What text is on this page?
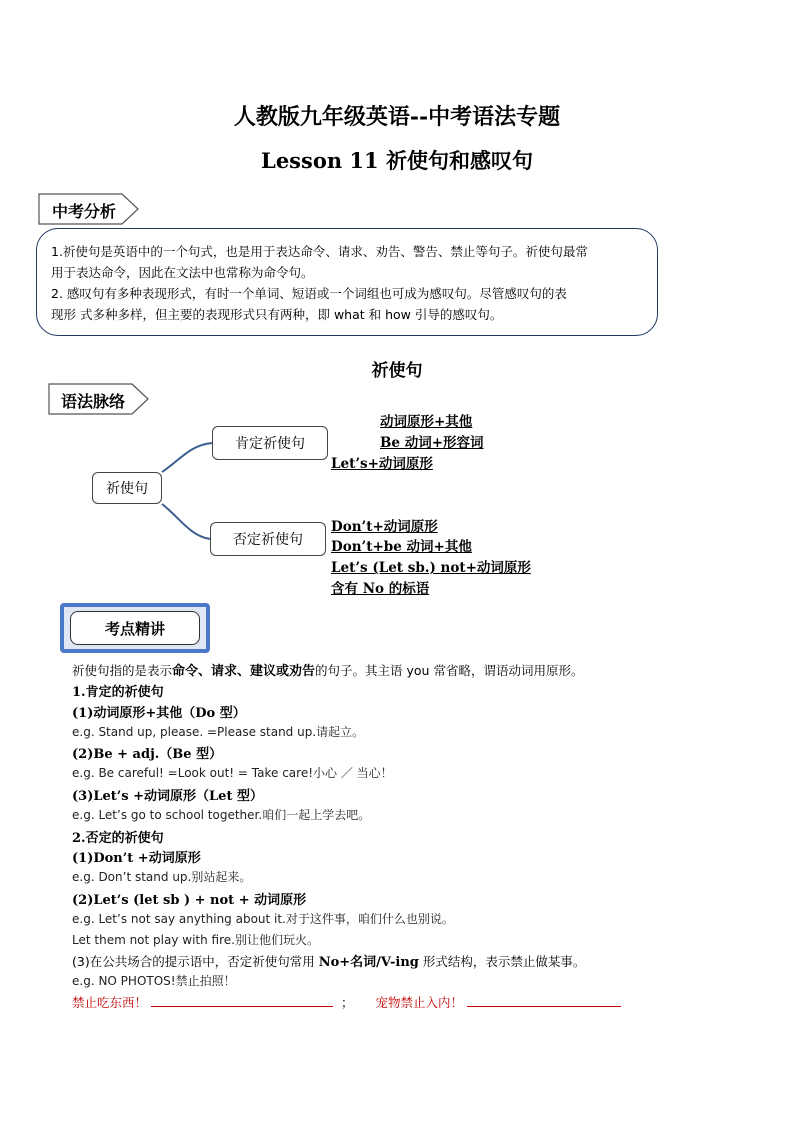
人教版九年级英语--中考语法专题
Lesson 11 祈使句和感叹句
中考分析

1.祈使句是英语中的一个句式，也是用于表达命令、请求、劝告、警告、禁止等句子。祈使句最常

用于表达命令，因此在文法中也常称为命令句。

2. 感叹句有多种表现形式，有时一个单词、短语或一个词组也可成为感叹句。尽管感叹句的表

现形 式多种多样，但主要的表现形式只有两种，即 what 和 how 引导的感叹句。

祈使句
语法脉络
祈使句
肯定祈使句
否定祈使句
动词原形+其他
Be 动词+形容词
Let’s+动词原形
Don’t+动词原形
Don’t+be 动词+其他
Let’s (Let sb.) not+动词原形
含有 No 的标语
考点精讲
祈使句指的是表示命令、请求、建议或劝告的句子。其主语 you 常省略，谓语动词用原形。
1.肯定的祈使句
(1)动词原形+其他（Do 型）
e.g. Stand up, please. =Please stand up.请起立。
(2)Be + adj.（Be 型）
e.g. Be careful! =Look out! = Take care!小心 ／ 当心！
(3)Let’s +动词原形（Let 型）
e.g. Let’s go to school together.咱们一起上学去吧。
2.否定的祈使句
(1)Don’t +动词原形
e.g. Don’t stand up.别站起来。
(2)Let’s (let sb ) + not + 动词原形
e.g. Let’s not say anything about it.对于这件事，咱们什么也别说。
Let them not play with fire.别让他们玩火。
(3)在公共场合的提示语中，否定祈使句常用 No+名词/V-ing 形式结构，表示禁止做某事。
e.g. NO PHOTOS!禁止拍照！
禁止吃东西！	； 宠物禁止入内！
